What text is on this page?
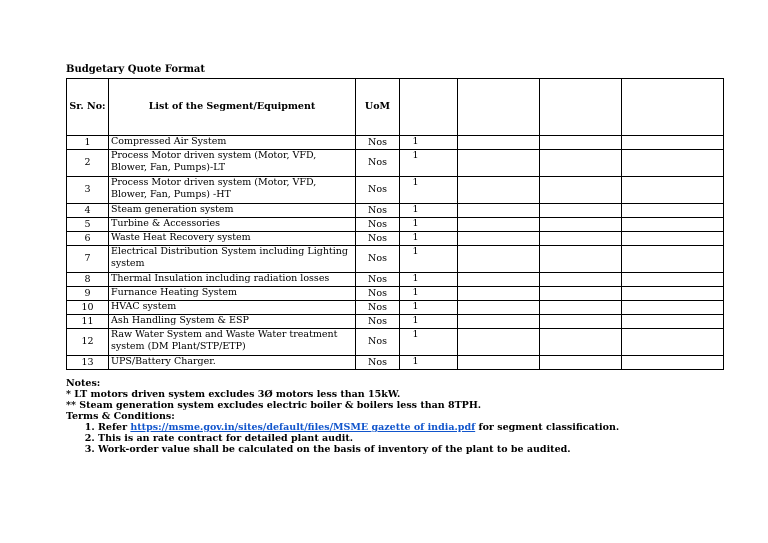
Budgetary Quote Format
Sr. No:	List of the Segment/Equipment	UoM				
1	Compressed Air System	Nos	1			
2	Process Motor driven system (Motor, VFD, Blower, Fan, Pumps)-LT	Nos	1			
3	Process Motor driven system (Motor, VFD, Blower, Fan, Pumps) -HT	Nos	1			
4	Steam generation system	Nos	1			
5	Turbine & Accessories	Nos	1			
6	Waste Heat Recovery system	Nos	1			
7	Electrical Distribution System including Lighting system	Nos	1			
8	Thermal Insulation including radiation losses	Nos	1			
9	Furnance Heating System	Nos	1			
10	HVAC system	Nos	1			
11	Ash Handling System & ESP	Nos	1			
12	Raw Water System and Waste Water treatment system (DM Plant/STP/ETP)	Nos	1			
13	UPS/Battery Charger.	Nos	1			
Notes:
* LT motors driven system excludes 3Ø motors less than 15kW.
** Steam generation system excludes electric boiler & boilers less than 8TPH.
Terms & Conditions:
1. Refer https://msme.gov.in/sites/default/files/MSME gazette of india.pdf for segment classification.
2. This is an rate contract for detailed plant audit.
3. Work-order value shall be calculated on the basis of inventory of the plant to be audited.
